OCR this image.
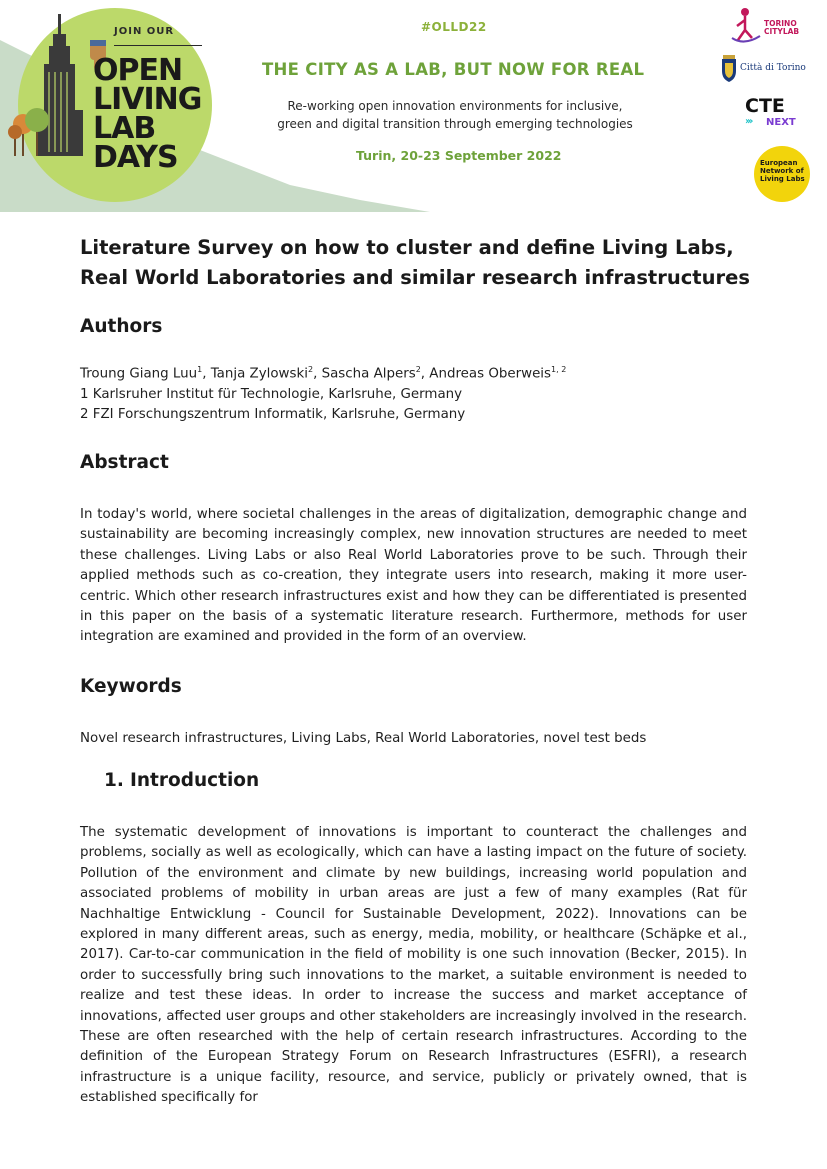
JOIN OUR
OPEN
LIVING
LAB
DAYS
#OLLD22
THE CITY AS A LAB, BUT NOW FOR REAL
Re-working open innovation environments for inclusive,
green and digital transition through emerging technologies
Turin, 20-23 September 2022
TORINO
CITYLAB
Città di Torino
CTE
››› NEXT
European
Network of
Living Labs
Literature Survey on how to cluster and define Living Labs,
Real World Laboratories and similar research infrastructures
Authors
Troung Giang Luu$^1$, Tanja Zylowski$^2$, Sascha Alpers$^2$, Andreas Oberweis$^{1, 2}$
1 Karlsruher Institut für Technologie, Karlsruhe, Germany
2 FZI Forschungszentrum Informatik, Karlsruhe, Germany
Abstract
In today's world, where societal challenges in the areas of digitalization, demographic change and sustainability are becoming increasingly complex, new innovation structures are needed to meet these challenges. Living Labs or also Real World Laboratories prove to be such. Through their applied methods such as co-creation, they integrate users into research, making it more user-centric. Which other research infrastructures exist and how they can be differentiated is presented in this paper on the basis of a systematic literature research. Furthermore, methods for user integration are examined and provided in the form of an overview.
Keywords
Novel research infrastructures, Living Labs, Real World Laboratories, novel test beds
1. Introduction
The systematic development of innovations is important to counteract the challenges and problems, socially as well as ecologically, which can have a lasting impact on the future of society. Pollution of the environment and climate by new buildings, increasing world population and associated problems of mobility in urban areas are just a few of many examples (Rat für Nachhaltige Entwicklung - Council for Sustainable Development, 2022). Innovations can be explored in many different areas, such as energy, media, mobility, or healthcare (Schäpke et al., 2017). Car-to-car communication in the field of mobility is one such innovation (Becker, 2015). In order to successfully bring such innovations to the market, a suitable environment is needed to realize and test these ideas. In order to increase the success and market acceptance of innovations, affected user groups and other stakeholders are increasingly involved in the research. These are often researched with the help of certain research infrastructures. According to the definition of the European Strategy Forum on Research Infrastructures (ESFRI), a research infrastructure is a unique facility, resource, and service, publicly or privately owned, that is established specifically for
